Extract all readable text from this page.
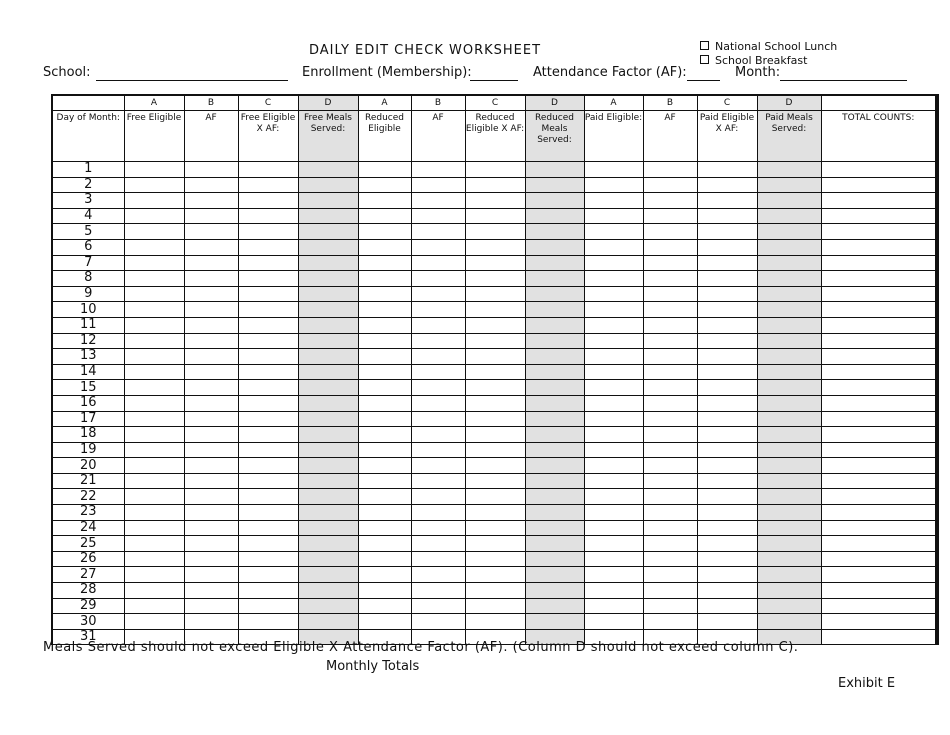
DAILY EDIT CHECK WORKSHEET	National School Lunch
School Breakfast
School:	Enrollment (Membership):	Attendance Factor (AF):	Month:
	A	B	C	D	A	B	C	D	A	B	C	D	
Day of Month:	Free Eligible	AF	Free Eligible X AF:	Free Meals Served:	Reduced Eligible	AF	Reduced Eligible X AF:	Reduced Meals Served:	Paid Eligible:	AF	Paid Eligible X AF:	Paid Meals Served:	TOTAL COUNTS:
1													
2													
3													
4													
5													
6													
7													
8													
9													
10													
11													
12													
13													
14													
15													
16													
17													
18													
19													
20													
21													
22													
23													
24													
25													
26													
27													
28													
29													
30													
31													
Meals Served should not exceed Eligible X Attendance Factor (AF). (Column D should not exceed column C).
Monthly Totals
Exhibit E
